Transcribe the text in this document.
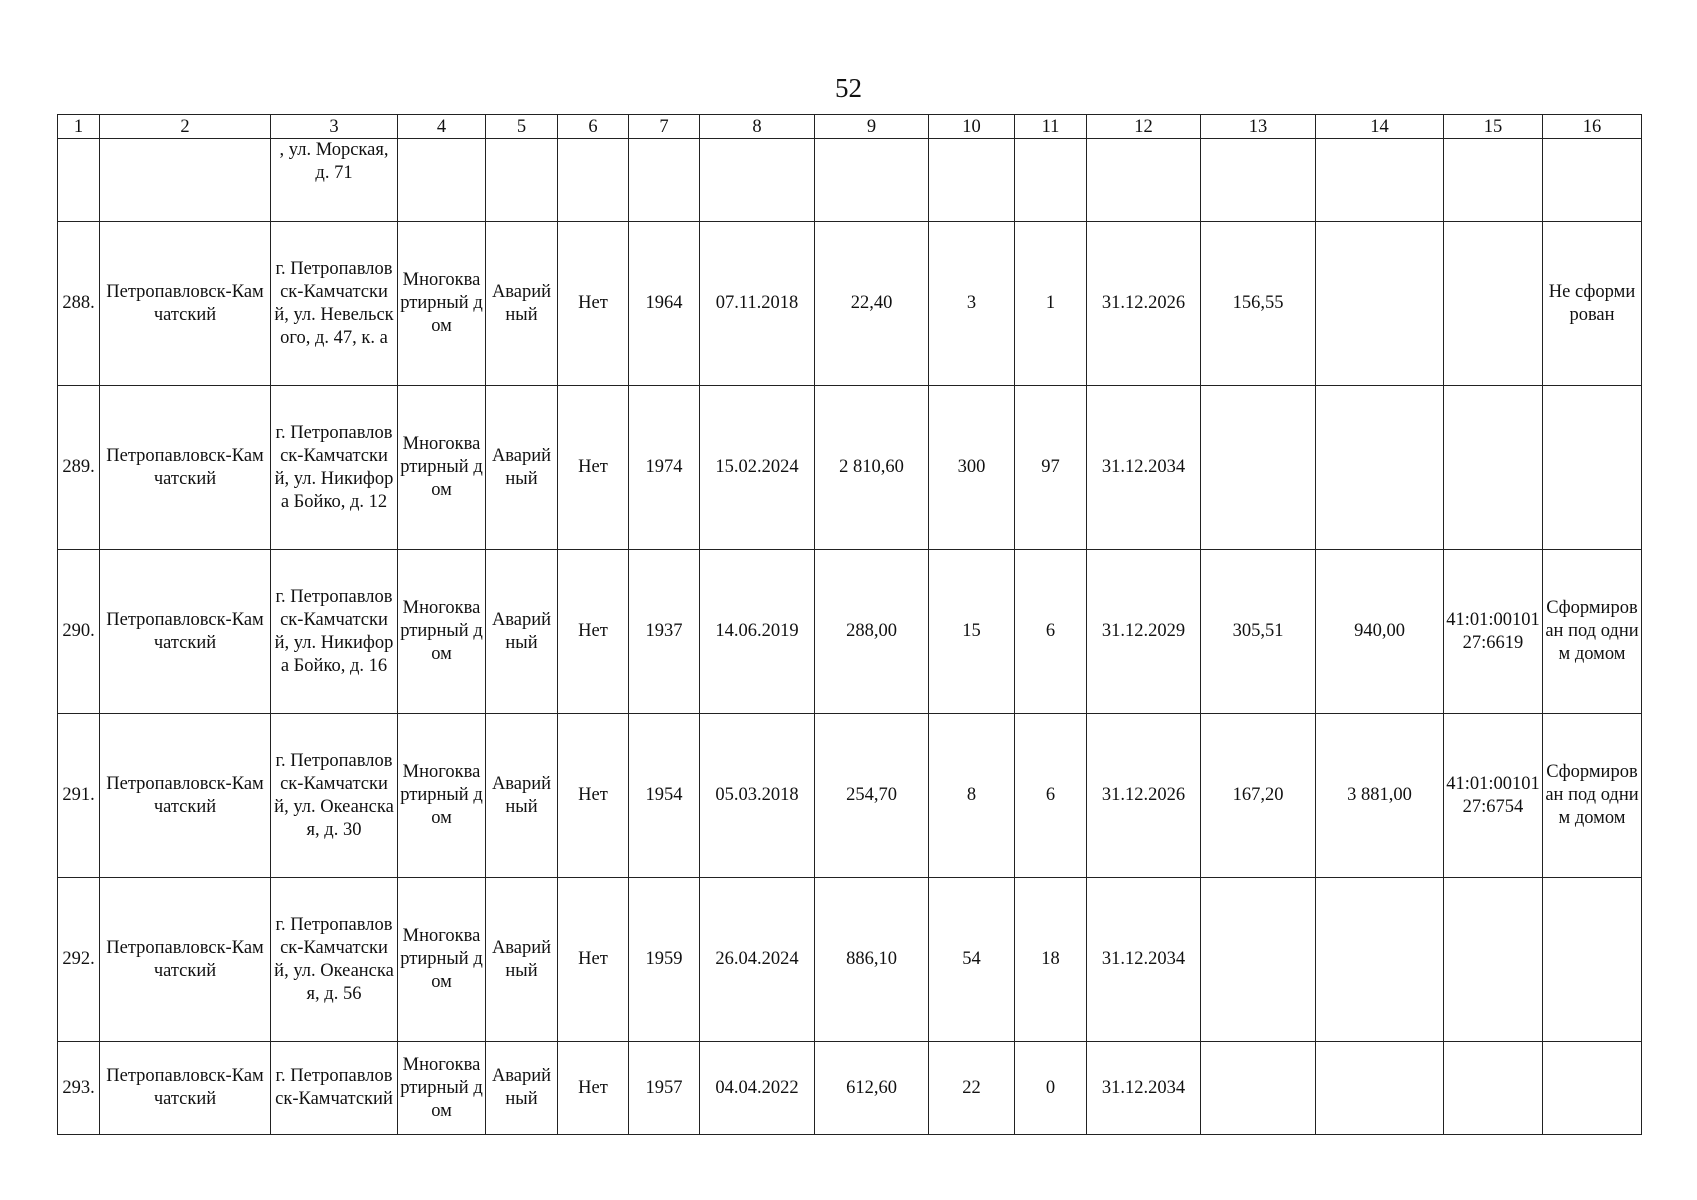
52
1	2	3	4	5	6	7	8	9	10	11	12	13	14	15	16
		, ул. Морская, д. 71													
288.	Петропавловск-Камчатский	г. Петропавловск-Камчатский, ул. Невельского, д. 47, к. а	Многоквартирный дом	Аварийный	Нет	1964	07.11.2018	22,40	3	1	31.12.2026	156,55			Не сформирован
289.	Петропавловск-Камчатский	г. Петропавловск-Камчатский, ул. Никифора Бойко, д. 12	Многоквартирный дом	Аварийный	Нет	1974	15.02.2024	2 810,60	300	97	31.12.2034				
290.	Петропавловск-Камчатский	г. Петропавловск-Камчатский, ул. Никифора Бойко, д. 16	Многоквартирный дом	Аварийный	Нет	1937	14.06.2019	288,00	15	6	31.12.2029	305,51	940,00	41:01:0010127:6619	Сформирован под одним домом
291.	Петропавловск-Камчатский	г. Петропавловск-Камчатский, ул. Океанская, д. 30	Многоквартирный дом	Аварийный	Нет	1954	05.03.2018	254,70	8	6	31.12.2026	167,20	3 881,00	41:01:0010127:6754	Сформирован под одним домом
292.	Петропавловск-Камчатский	г. Петропавловск-Камчатский, ул. Океанская, д. 56	Многоквартирный дом	Аварийный	Нет	1959	26.04.2024	886,10	54	18	31.12.2034				
293.	Петропавловск-Камчатский	г. Петропавловск-Камчатский	Многоквартирный дом	Аварийный	Нет	1957	04.04.2022	612,60	22	0	31.12.2034				
